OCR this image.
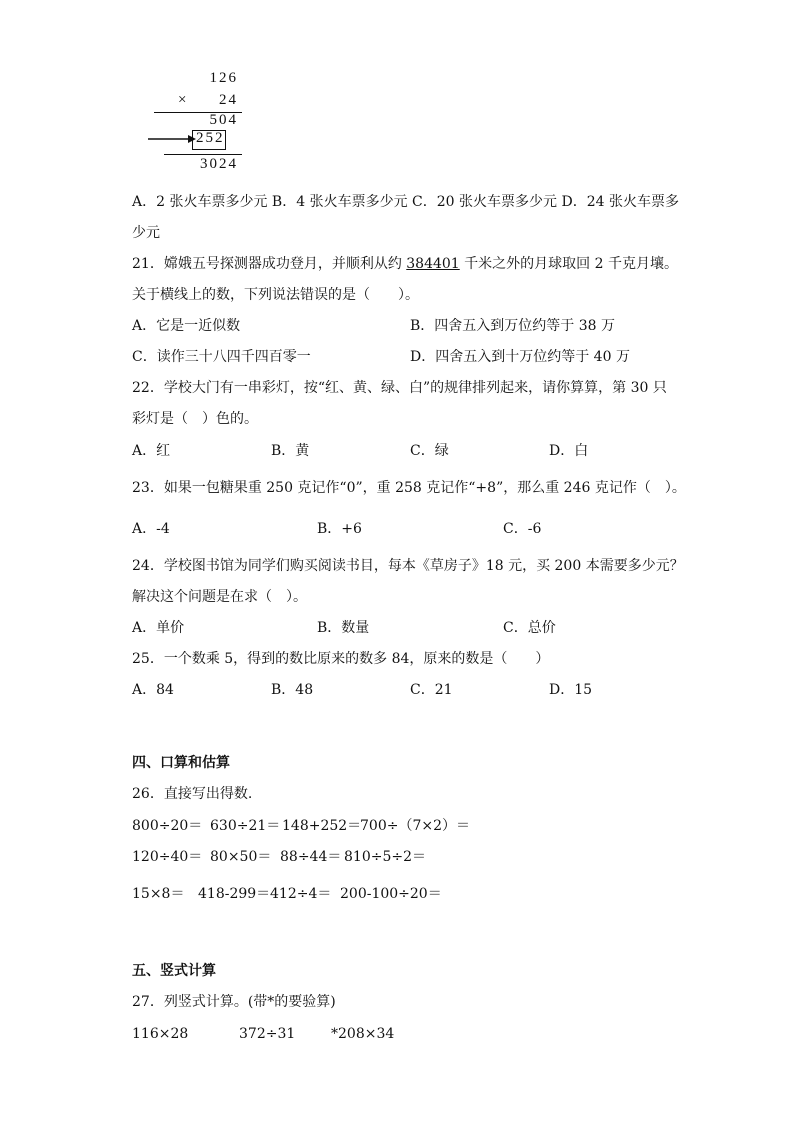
126
× 24
504
252
3024
A．2 张火车票多少元 B．4 张火车票多少元 C．20 张火车票多少元 D．24 张火车票多
少元
21．嫦娥五号探测器成功登月，并顺利从约 384401 千米之外的月球取回 2 千克月壤。
关于横线上的数，下列说法错误的是（　　）。
A．它是一近似数	B．四舍五入到万位约等于 38 万
C．读作三十八四千四百零一	D．四舍五入到十万位约等于 40 万
22．学校大门有一串彩灯，按“红、黄、绿、白”的规律排列起来，请你算算，第 30 只
彩灯是（　）色的。
A．红	B．黄	C．绿	D．白
23．如果一包糖果重 250 克记作“0”，重 258 克记作“+8”，那么重 246 克记作（　）。
A．-4	B．+6	C．-6
24．学校图书馆为同学们购买阅读书目，每本《草房子》18 元，买 200 本需要多少元？
解决这个问题是在求（　）。
A．单价	B．数量	C．总价
25．一个数乘 5，得到的数比原来的数多 84，原来的数是（　　）
A．84	B．48	C．21	D．15
四、口算和估算
26．直接写出得数.
800÷20＝ 630÷21＝ 148+252＝
700÷（7×2）＝
120÷40＝ 80×50＝ 88÷44＝ 810÷5÷2＝
15×8＝ 418-299＝ 412÷4＝ 200-100÷20＝
五、竖式计算
27．列竖式计算。(带*的要验算)
116×28	372÷31	*208×34
